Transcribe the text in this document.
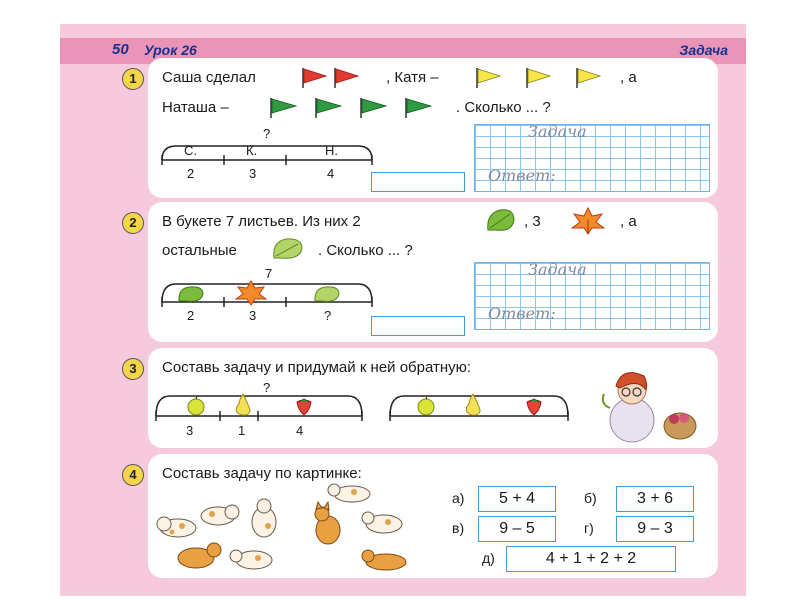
50 Урок 26	Задача
1	Саша сделал	, Катя –	, а
Наташа –	. Сколько ... ?
?
С.	К.	Н.
2	3	4
Задача
Ответ:
2	В букете 7 листьев. Из них 2	, 3	, а
остальные	. Сколько ... ?
7
2	3	?
Задача
Ответ:
3	Составь задачу и придумай к ней обратную:
?
3	1	4
4	Составь задачу по картинке:
а)	5 + 4	б)	3 + 6
в)	9 – 5	г)	9 – 3
д)	4 + 1 + 2 + 2
